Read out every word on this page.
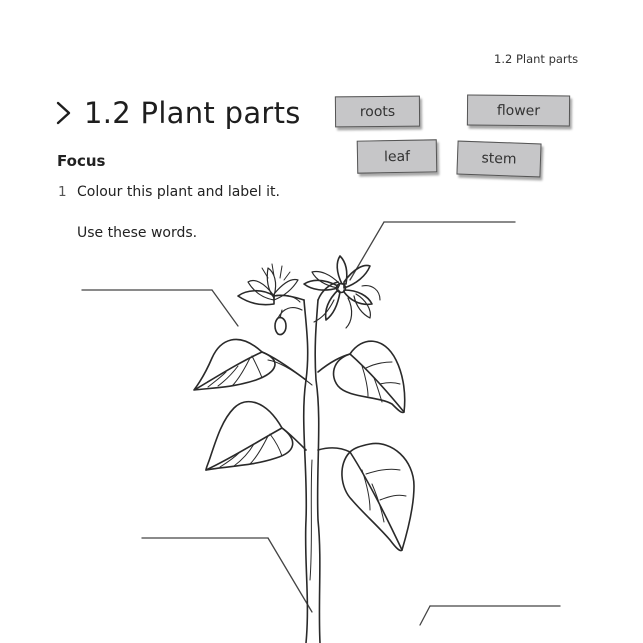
1.2 Plant parts
1.2 Plant parts
Focus
1 Colour this plant and label it.
Use these words.
roots	flower
leaf	stem
